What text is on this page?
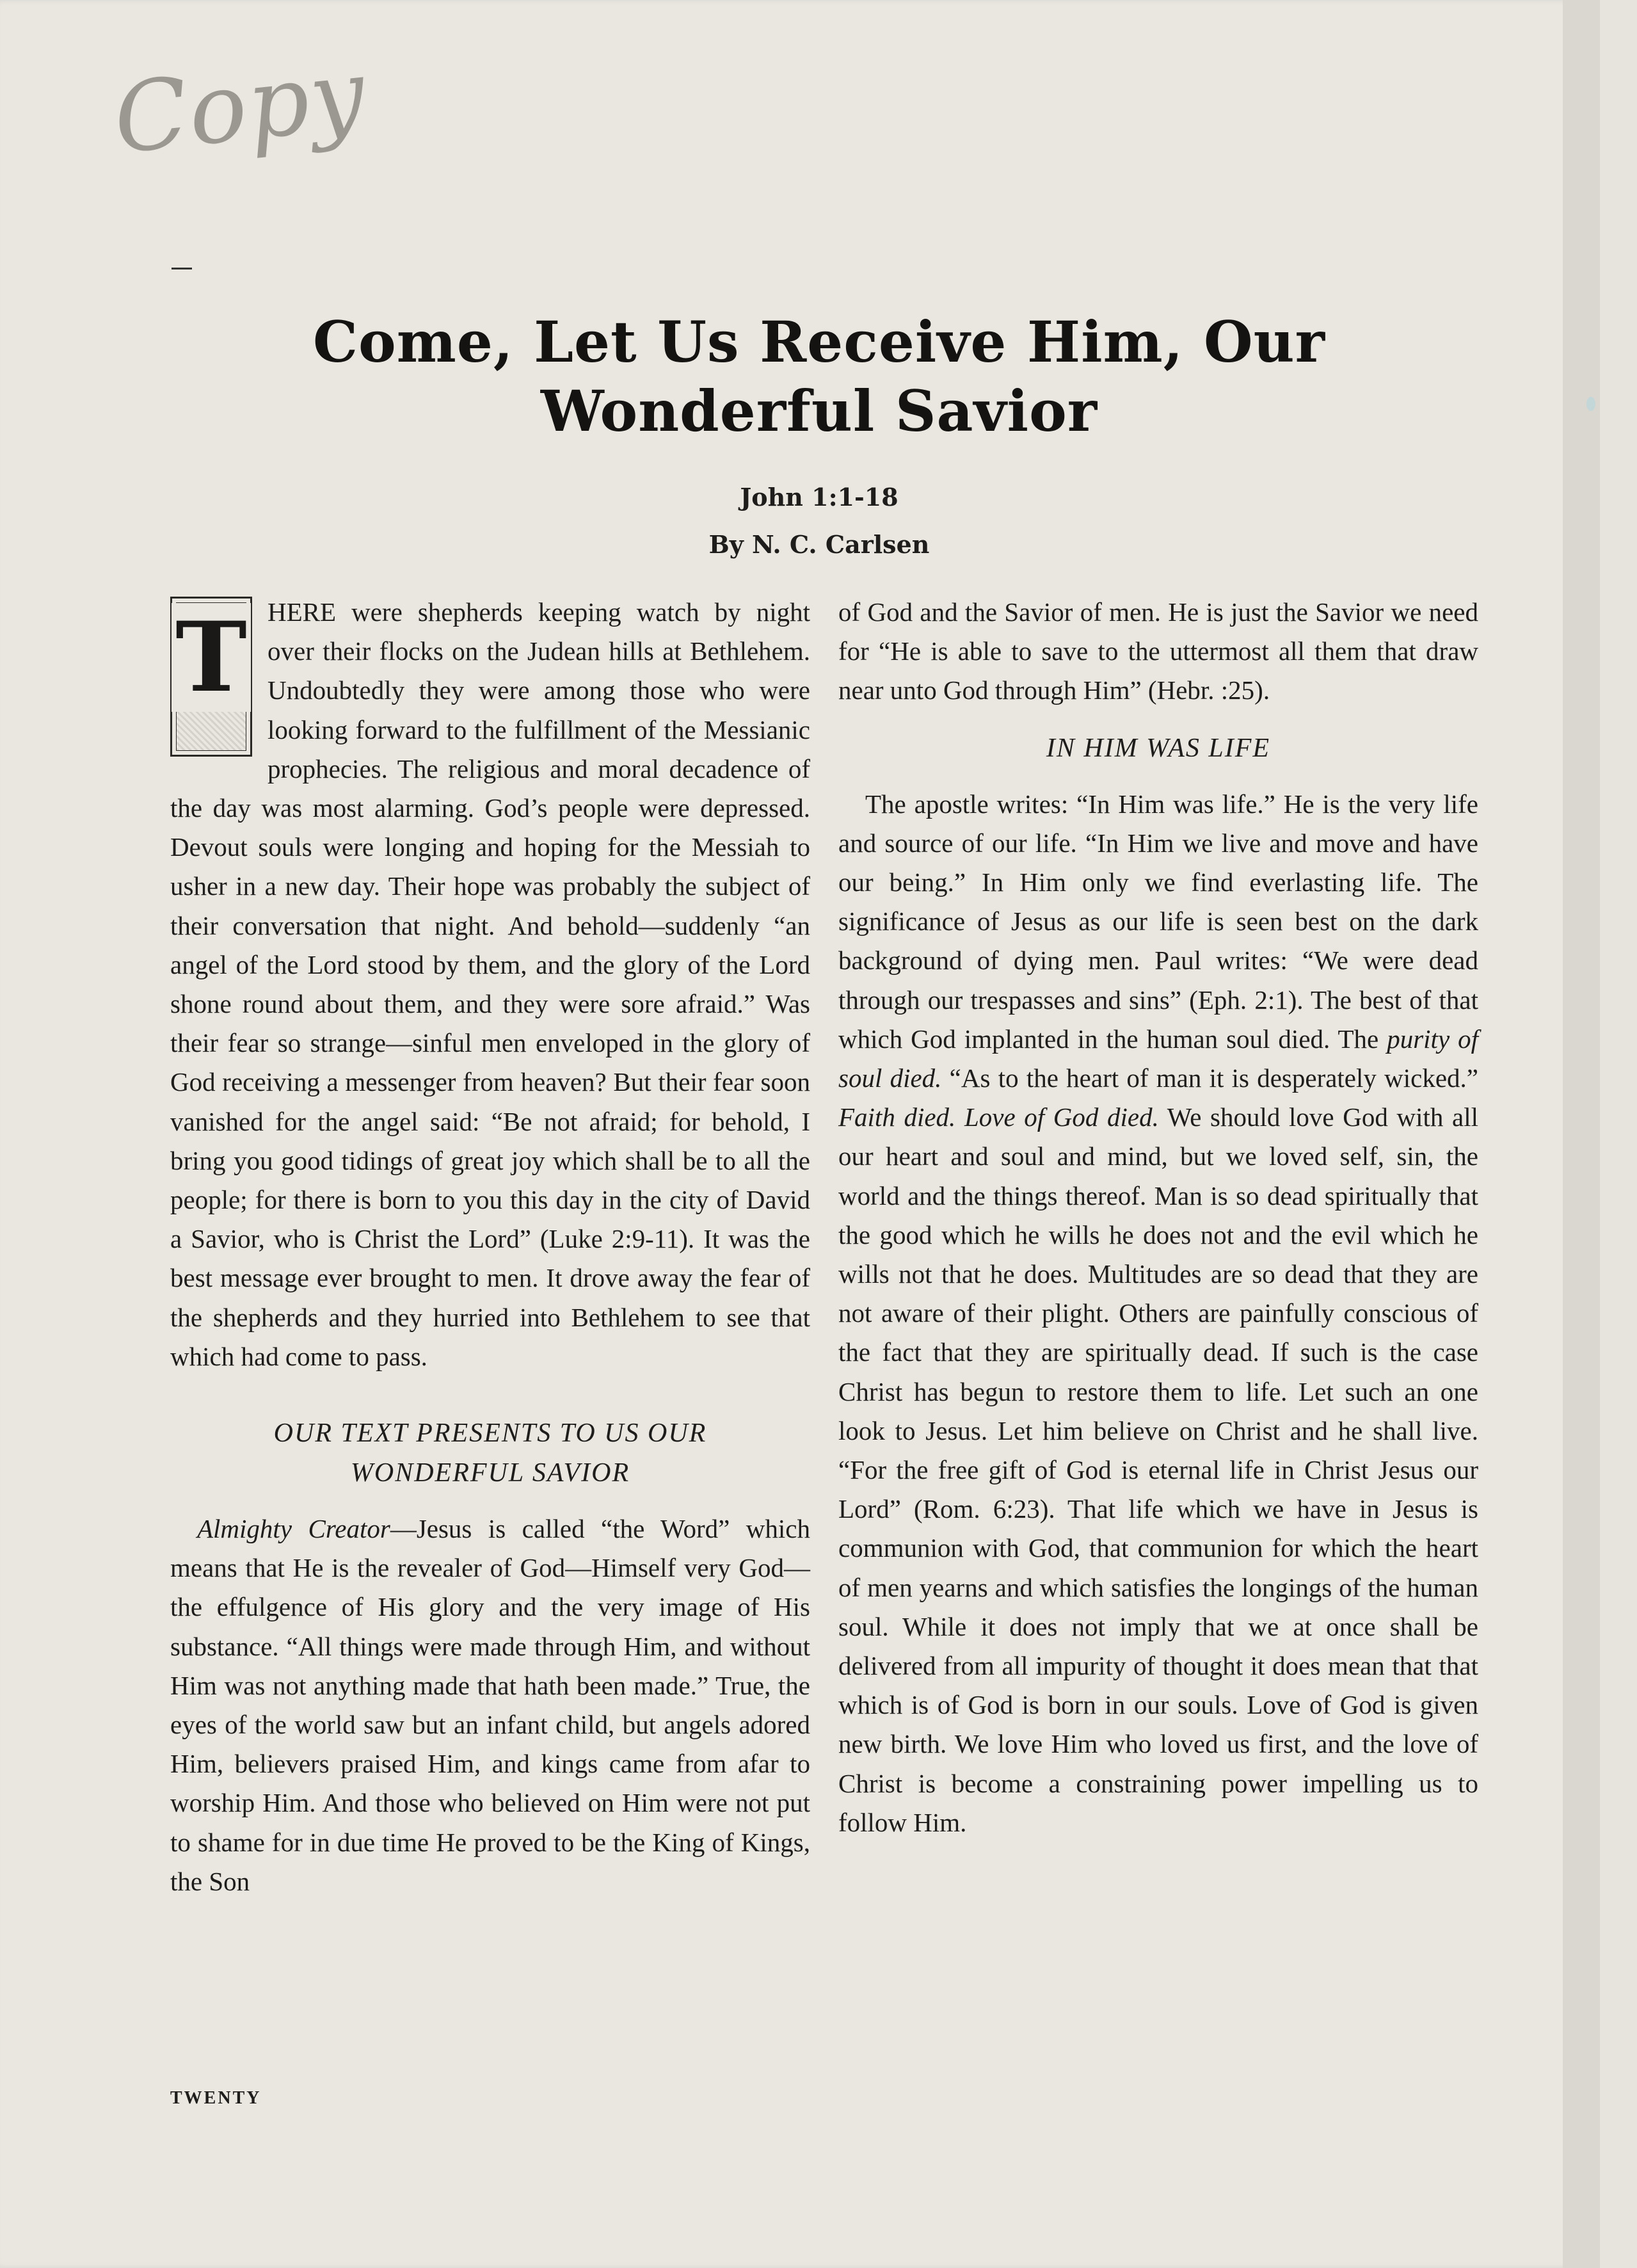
Copy
Come, Let Us Receive Him, Our
Wonderful Savior
John 1:1-18
By N. C. Carlsen
T HERE were shepherds keeping watch by night over their flocks on the Judean hills at Bethlehem. Undoubtedly they were among those who were looking forward to the fulfillment of the Messianic prophecies. The religious and moral decadence of the day was most alarming. God’s people were depressed. Devout souls were longing and hoping for the Messiah to usher in a new day. Their hope was probably the subject of their conversation that night. And behold—suddenly “an angel of the Lord stood by them, and the glory of the Lord shone round about them, and they were sore afraid.” Was their fear so strange—sinful men enveloped in the glory of God receiving a messenger from heaven? But their fear soon vanished for the angel said: “Be not afraid; for behold, I bring you good tidings of great joy which shall be to all the people; for there is born to you this day in the city of David a Savior, who is Christ the Lord” (Luke 2:9-11). It was the best message ever brought to men. It drove away the fear of the shepherds and they hurried into Bethlehem to see that which had come to pass.

OUR TEXT PRESENTS TO US OUR WONDERFUL SAVIOR

Almighty Creator—Jesus is called “the Word” which means that He is the revealer of God—Himself very God—the effulgence of His glory and the very image of His substance. “All things were made through Him, and without Him was not anything made that hath been made.” True, the eyes of the world saw but an infant child, but angels adored Him, believers praised Him, and kings came from afar to worship Him. And those who believed on Him were not put to shame for in due time He proved to be the King of Kings, the Son

of God and the Savior of men. He is just the Savior we need for “He is able to save to the uttermost all them that draw near unto God through Him” (Hebr. :25).

IN HIM WAS LIFE

The apostle writes: “In Him was life.” He is the very life and source of our life. “In Him we live and move and have our being.” In Him only we find everlasting life. The significance of Jesus as our life is seen best on the dark background of dying men. Paul writes: “We were dead through our trespasses and sins” (Eph. 2:1). The best of that which God implanted in the human soul died. The purity of soul died. “As to the heart of man it is desperately wicked.” Faith died. Love of God died. We should love God with all our heart and soul and mind, but we loved self, sin, the world and the things thereof. Man is so dead spiritually that the good which he wills he does not and the evil which he wills not that he does. Multitudes are so dead that they are not aware of their plight. Others are painfully conscious of the fact that they are spiritually dead. If such is the case Christ has begun to restore them to life. Let such an one look to Jesus. Let him believe on Christ and he shall live. “For the free gift of God is eternal life in Christ Jesus our Lord” (Rom. 6:23). That life which we have in Jesus is communion with God, that communion for which the heart of men yearns and which satisfies the longings of the human soul. While it does not imply that we at once shall be delivered from all impurity of thought it does mean that that which is of God is born in our souls. Love of God is given new birth. We love Him who loved us first, and the love of Christ is become a constraining power impelling us to follow Him.

TWENTY
